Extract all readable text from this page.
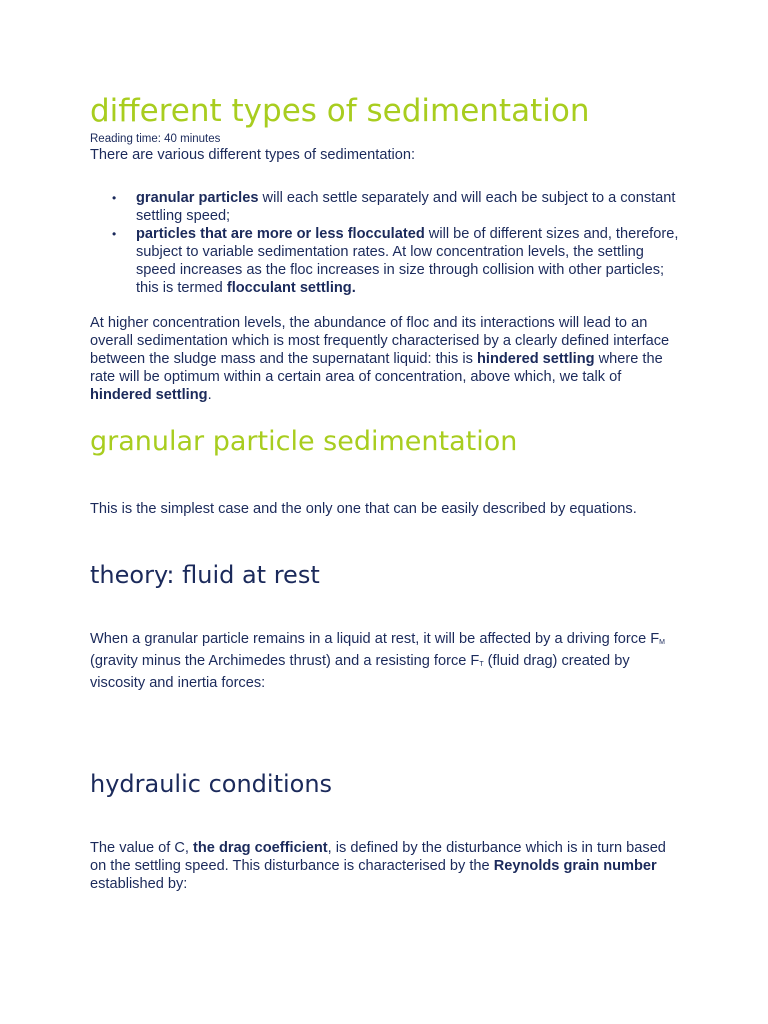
different types of sedimentation
Reading time: 40 minutes

There are various different types of sedimentation:

• granular particles will each settle separately and will each be subject to a constant settling speed;
• particles that are more or less flocculated will be of different sizes and, therefore, subject to variable sedimentation rates. At low concentration levels, the settling speed increases as the floc increases in size through collision with other particles; this is termed flocculant settling.

At higher concentration levels, the abundance of floc and its interactions will lead to an overall sedimentation which is most frequently characterised by a clearly defined interface between the sludge mass and the supernatant liquid: this is hindered settling where the rate will be optimum within a certain area of concentration, above which, we talk of hindered settling.

granular particle sedimentation

This is the simplest case and the only one that can be easily described by equations.

theory: fluid at rest

When a granular particle remains in a liquid at rest, it will be affected by a driving force $F_M$ (gravity minus the Archimedes thrust) and a resisting force $F_T$ (fluid drag) created by viscosity and inertia forces:

hydraulic conditions

The value of C, the drag coefficient, is defined by the disturbance which is in turn based on the settling speed. This disturbance is characterised by the Reynolds grain number established by:
